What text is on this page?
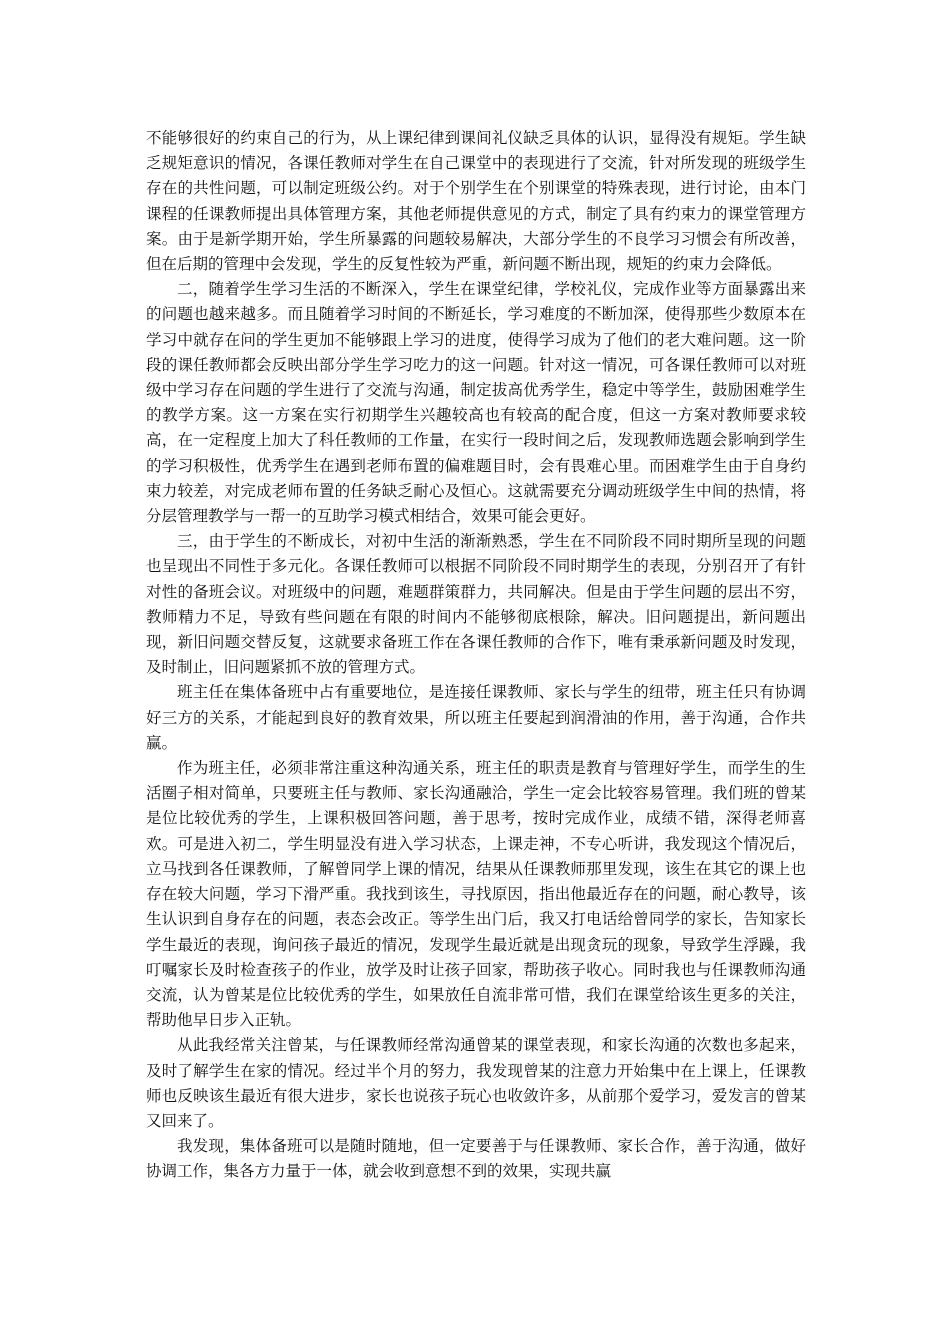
不能够很好的约束自己的行为，从上课纪律到课间礼仪缺乏具体的认识，显得没有规矩。学生缺乏规矩意识的情况，各课任教师对学生在自己课堂中的表现进行了交流，针对所发现的班级学生存在的共性问题，可以制定班级公约。对于个别学生在个别课堂的特殊表现，进行讨论，由本门课程的任课教师提出具体管理方案，其他老师提供意见的方式，制定了具有约束力的课堂管理方案。由于是新学期开始，学生所暴露的问题较易解决，大部分学生的不良学习习惯会有所改善，但在后期的管理中会发现，学生的反复性较为严重，新问题不断出现，规矩的约束力会降低。

二，随着学生学习生活的不断深入，学生在课堂纪律，学校礼仪，完成作业等方面暴露出来的问题也越来越多。而且随着学习时间的不断延长，学习难度的不断加深，使得那些少数原本在学习中就存在问的学生更加不能够跟上学习的进度，使得学习成为了他们的老大难问题。这一阶段的课任教师都会反映出部分学生学习吃力的这一问题。针对这一情况，可各课任教师可以对班级中学习存在问题的学生进行了交流与沟通，制定拔高优秀学生，稳定中等学生，鼓励困难学生的教学方案。这一方案在实行初期学生兴趣较高也有较高的配合度，但这一方案对教师要求较高，在一定程度上加大了科任教师的工作量，在实行一段时间之后，发现教师选题会影响到学生的学习积极性，优秀学生在遇到老师布置的偏难题目时，会有畏难心里。而困难学生由于自身约束力较差，对完成老师布置的任务缺乏耐心及恒心。这就需要充分调动班级学生中间的热情，将分层管理教学与一帮一的互助学习模式相结合，效果可能会更好。

三，由于学生的不断成长，对初中生活的渐渐熟悉，学生在不同阶段不同时期所呈现的问题也呈现出不同性于多元化。各课任教师可以根据不同阶段不同时期学生的表现，分别召开了有针对性的备班会议。对班级中的问题，难题群策群力，共同解决。但是由于学生问题的层出不穷，教师精力不足，导致有些问题在有限的时间内不能够彻底根除，解决。旧问题提出，新问题出现，新旧问题交替反复，这就要求备班工作在各课任教师的合作下，唯有秉承新问题及时发现，及时制止，旧问题紧抓不放的管理方式。

班主任在集体备班中占有重要地位，是连接任课教师、家长与学生的纽带，班主任只有协调好三方的关系，才能起到良好的教育效果，所以班主任要起到润滑油的作用，善于沟通，合作共赢。

作为班主任，必须非常注重这种沟通关系，班主任的职责是教育与管理好学生，而学生的生活圈子相对简单，只要班主任与教师、家长沟通融洽，学生一定会比较容易管理。我们班的曾某是位比较优秀的学生，上课积极回答问题，善于思考，按时完成作业，成绩不错，深得老师喜欢。可是进入初二，学生明显没有进入学习状态，上课走神，不专心听讲，我发现这个情况后，立马找到各任课教师，了解曾同学上课的情况，结果从任课教师那里发现，该生在其它的课上也存在较大问题，学习下滑严重。我找到该生，寻找原因，指出他最近存在的问题，耐心教导，该生认识到自身存在的问题，表态会改正。等学生出门后，我又打电话给曾同学的家长，告知家长学生最近的表现，询问孩子最近的情况，发现学生最近就是出现贪玩的现象，导致学生浮躁，我叮嘱家长及时检查孩子的作业，放学及时让孩子回家，帮助孩子收心。同时我也与任课教师沟通交流，认为曾某是位比较优秀的学生，如果放任自流非常可惜，我们在课堂给该生更多的关注，帮助他早日步入正轨。

从此我经常关注曾某，与任课教师经常沟通曾某的课堂表现，和家长沟通的次数也多起来，及时了解学生在家的情况。经过半个月的努力，我发现曾某的注意力开始集中在上课上，任课教师也反映该生最近有很大进步，家长也说孩子玩心也收敛许多，从前那个爱学习，爱发言的曾某又回来了。

我发现，集体备班可以是随时随地，但一定要善于与任课教师、家长合作，善于沟通，做好协调工作，集各方力量于一体，就会收到意想不到的效果，实现共赢
